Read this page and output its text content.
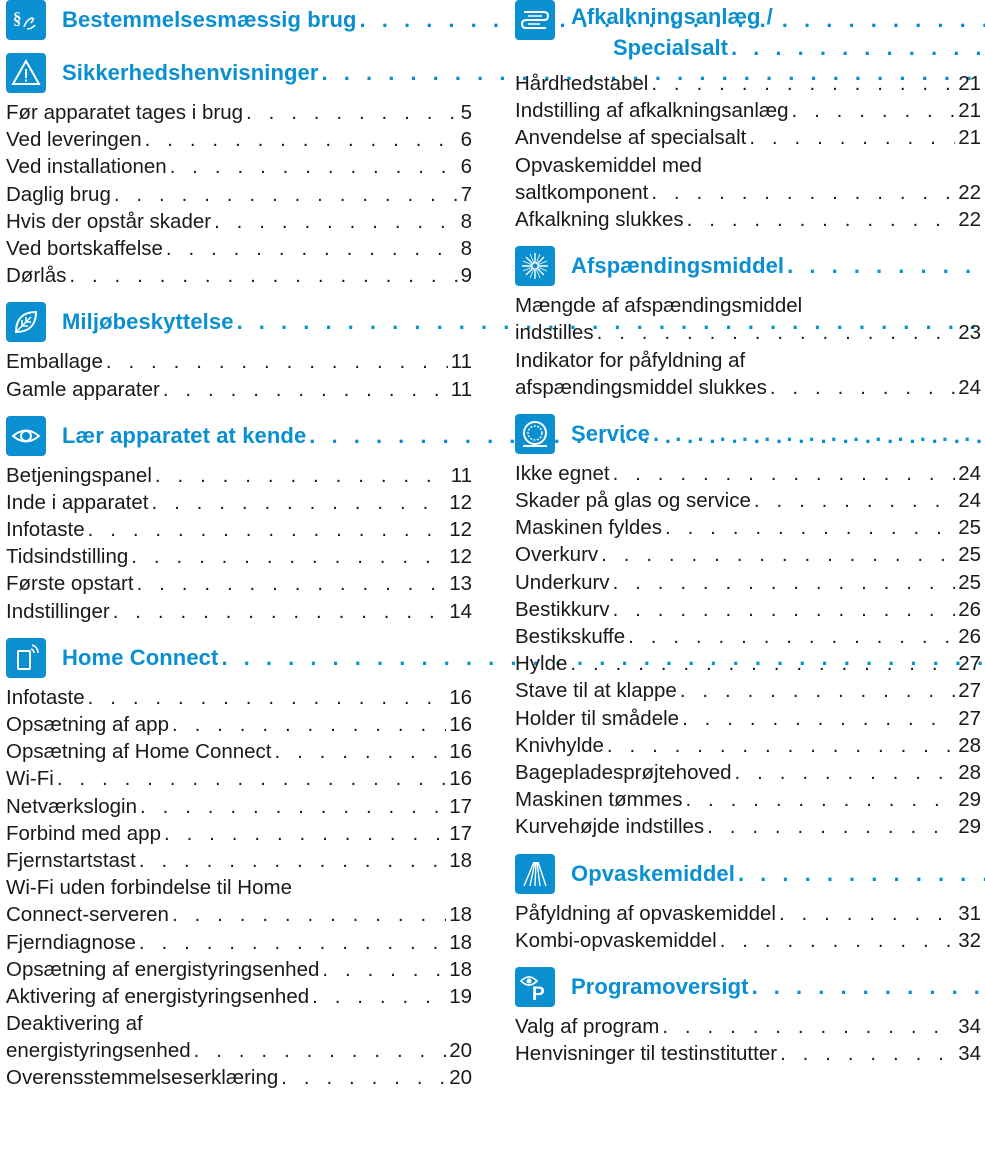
§ Bestemmelsesmæssig brug
. . .
Sikkerhedshenvisninger
. . .
Før apparatet tages i brug . . .	5
Ved leveringen . . .	6
Ved installationen . . .	6
Daglig brug . . .	7
Hvis der opstår skader . . .	8
Ved bortskaffelse . . .	8
Dørlås . . .	9
Miljøbeskyttelse
. . .
Emballage . . .	11
Gamle apparater . . .	11
Lær apparatet at kende
. . .
Betjeningspanel . . .	11
Inde i apparatet . . .	12
Infotaste . . .	12
Tidsindstilling . . .	12
Første opstart . . .	13
Indstillinger . . .	14
Home Connect
. . .
Infotaste . . .	16
Opsætning af app . . .	16
Opsætning af Home Connect . . .	16
Wi-Fi . . .	16
Netværkslogin . . .	17
Forbind med app . . .	17
Fjernstartstast . . .	18
Wi-Fi uden forbindelse til Home
Connect-serveren . . .	18
Fjerndiagnose . . .	18
Opsætning af energistyringsenhed . . .	18
Aktivering af energistyringsenhed . . .	19
Deaktivering af
energistyringsenhed . . .	20
Overensstemmelseserklæring . . .	20
Afkalkningsanlæg /
Specialsalt
. . .
Hårdhedstabel . . .	21
Indstilling af afkalkningsanlæg . . .	21
Anvendelse af specialsalt . . .	21
Opvaskemiddel med
saltkomponent . . .	22
Afkalkning slukkes . . .	22
Afspændingsmiddel
. . .
Mængde af afspændingsmiddel
indstilles . . .	23
Indikator for påfyldning af
afspændingsmiddel slukkes . . .	24
Service
. . .
Ikke egnet . . .	24
Skader på glas og service . . .	24
Maskinen fyldes . . .	25
Overkurv . . .	25
Underkurv . . .	25
Bestikkurv . . .	26
Bestikskuffe . . .	26
Hylde . . .	27
Stave til at klappe . . .	27
Holder til smådele . . .	27
Knivhylde . . .	28
Bagepladesprøjtehoved . . .	28
Maskinen tømmes . . .	29
Kurvehøjde indstilles . . .	29
Opvaskemiddel
. . .
Påfyldning af opvaskemiddel . . .	31
Kombi-opvaskemiddel . . .	32
P Programoversigt
. . .
Valg af program . . .	34
Henvisninger til testinstitutter . . .	34
